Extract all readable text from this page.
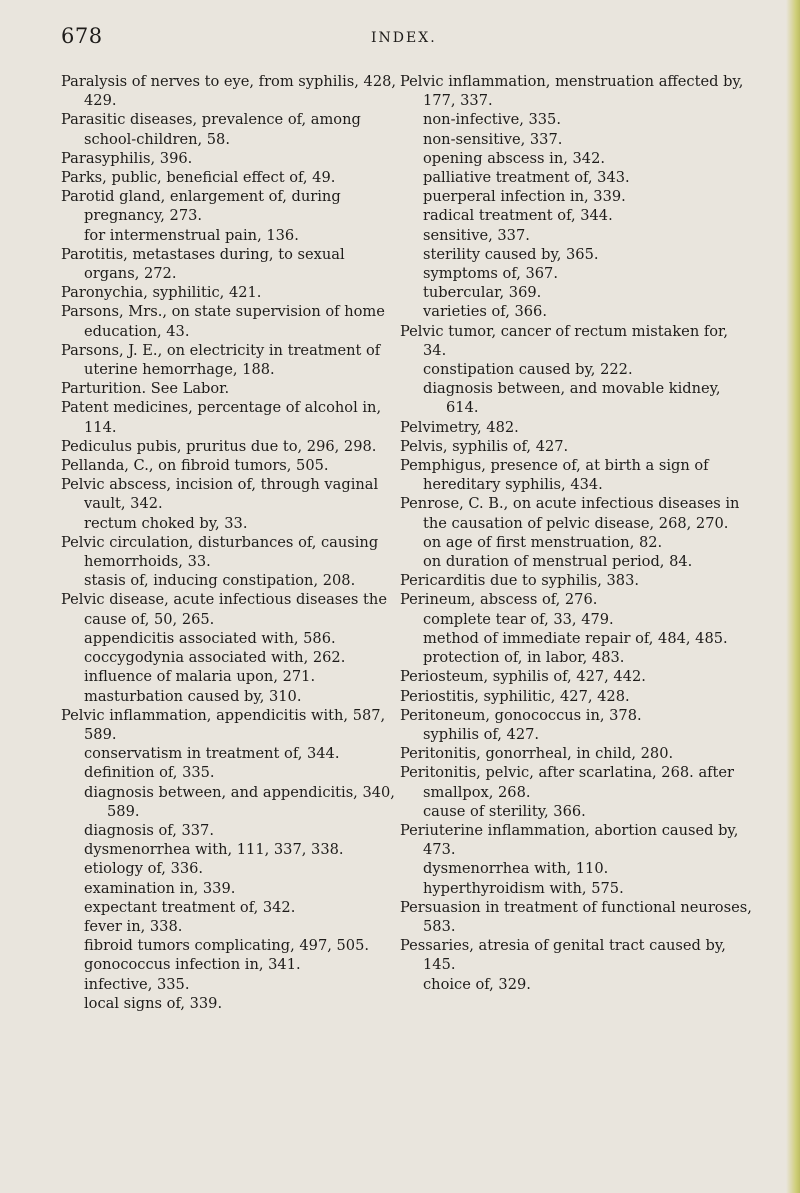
678	INDEX.
Paralysis of nerves to eye, from syphilis, 428, 429.
Parasitic diseases, prevalence of, among school-children, 58.
Parasyphilis, 396.
Parks, public, beneficial effect of, 49.
Parotid gland, enlargement of, during pregnancy, 273.
for intermenstrual pain, 136.
Parotitis, metastases during, to sexual organs, 272.
Paronychia, syphilitic, 421.
Parsons, Mrs., on state supervision of home education, 43.
Parsons, J. E., on electricity in treatment of uterine hemorrhage, 188.
Parturition. See Labor.
Patent medicines, percentage of alcohol in, 114.
Pediculus pubis, pruritus due to, 296, 298.
Pellanda, C., on fibroid tumors, 505.
Pelvic abscess, incision of, through vaginal vault, 342.
rectum choked by, 33.
Pelvic circulation, disturbances of, causing hemorrhoids, 33.
stasis of, inducing constipation, 208.
Pelvic disease, acute infectious diseases the cause of, 50, 265.
appendicitis associated with, 586.
coccygodynia associated with, 262.
influence of malaria upon, 271.
masturbation caused by, 310.
Pelvic inflammation, appendicitis with, 587, 589.
conservatism in treatment of, 344.
definition of, 335.
diagnosis between, and appendicitis, 340, 589.
diagnosis of, 337.
dysmenorrhea with, 111, 337, 338.
etiology of, 336.
examination in, 339.
expectant treatment of, 342.
fever in, 338.
fibroid tumors complicating, 497, 505.
gonococcus infection in, 341.
infective, 335.
local signs of, 339.
Pelvic inflammation, menstruation affected by, 177, 337.
non-infective, 335.
non-sensitive, 337.
opening abscess in, 342.
palliative treatment of, 343.
puerperal infection in, 339.
radical treatment of, 344.
sensitive, 337.
sterility caused by, 365.
symptoms of, 367.
tubercular, 369.
varieties of, 366.
Pelvic tumor, cancer of rectum mistaken for, 34.
constipation caused by, 222.
diagnosis between, and movable kidney, 614.
Pelvimetry, 482.
Pelvis, syphilis of, 427.
Pemphigus, presence of, at birth a sign of hereditary syphilis, 434.
Penrose, C. B., on acute infectious diseases in the causation of pelvic disease, 268, 270.
on age of first menstruation, 82.
on duration of menstrual period, 84.
Pericarditis due to syphilis, 383.
Perineum, abscess of, 276.
complete tear of, 33, 479.
method of immediate repair of, 484, 485.
protection of, in labor, 483.
Periosteum, syphilis of, 427, 442.
Periostitis, syphilitic, 427, 428.
Peritoneum, gonococcus in, 378.
syphilis of, 427.
Peritonitis, gonorrheal, in child, 280.
Peritonitis, pelvic, after scarlatina, 268. after smallpox, 268.
cause of sterility, 366.
Periuterine inflammation, abortion caused by, 473.
dysmenorrhea with, 110.
hyperthyroidism with, 575.
Persuasion in treatment of functional neuroses, 583.
Pessaries, atresia of genital tract caused by, 145.
choice of, 329.
